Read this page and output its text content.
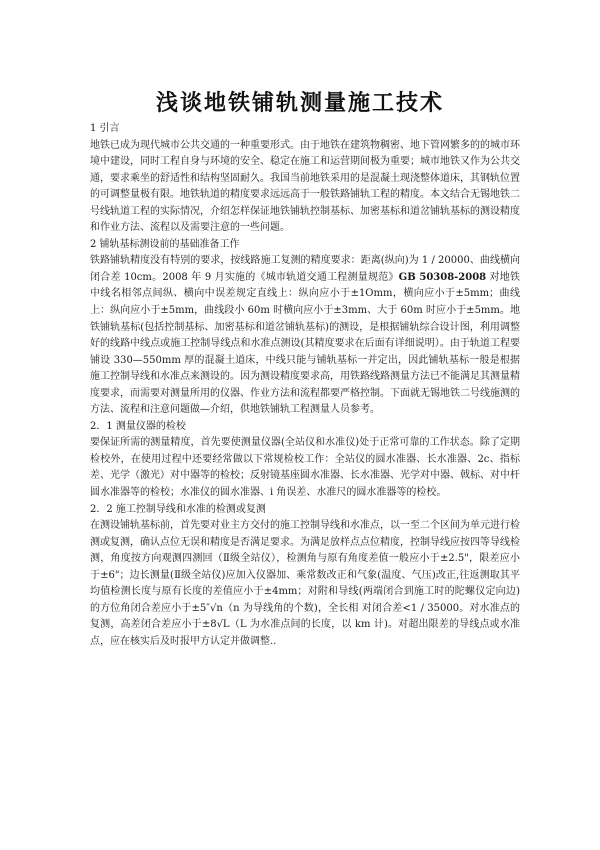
浅谈地铁铺轨测量施工技术

1 引言

地铁已成为现代城市公共交通的一种重要形式。由于地铁在建筑物稠密、地下管网繁多的的城市环境中建设，同时工程自身与环境的安全、稳定在施工和运营期间极为重要；城市地铁又作为公共交通，要求乘坐的舒适性和结构坚固耐久。我国当前地铁采用的是混凝土现浇整体道床，其钢轨位置的可调整量极有限。地铁轨道的精度要求远远高于一般铁路铺轨工程的精度。本文结合无锡地铁二号线轨道工程的实际情况，介绍怎样保证地铁铺轨控制基标、加密基标和道岔铺轨基标的测设精度和作业方法、流程以及需要注意的一些问题。

2 铺轨基标测设前的基础准备工作

铁路铺轨精度没有特别的要求，按线路施工复测的精度要求：距离(纵向)为 1 / 20000、曲线横向闭合差 10cm。2008 年 9 月实施的《城市轨道交通工程测量规范》GB 50308-2008 对地铁中线名相邻点间纵、横向中误差规定直线上：纵向应小于±1Omm，横向应小于±5mm；曲线上：纵向应小于±5mm，曲线段小 60m 时横向应小于±3mm、大于 60m 时应小于±5mm。地铁铺轨基标(包括控制基标、加密基标和道岔铺轨基标)的测设，是根据铺轨综合设计图，利用调整好的线路中线点或施工控制导线点和水准点测设(其精度要求在后面有详细说明）。由于轨道工程要铺设 330—550mm 厚的混凝土道床，中线只能与铺轨基标一并定出，因此铺轨基标一般是根据施工控制导线和水准点来测设的。因为测设精度要求高，用铁路线路测量方法已不能满足其测量精度要求，而需要对测量所用的仪器、作业方法和流程都要严格控制。下面就无锡地铁二号线施测的方法、流程和注意问题做—介绍，供地铁铺轨工程测量人员参考。

2．1 测量仪器的检校

要保证所需的测量精度，首先要使测量仪器(全站仪和水准仪)处于正常可靠的工作状态。除了定期检校外，在使用过程中还要经常做以下常规检校工作：全站仪的圆水准器、长水准器、2c、指标差、光学（激光）对中器等的检校；反射镜基座圆水准器、长水准器、光学对中器、戟标、对中杆圆水准器等的检校；水准仪的圆水准器、i 角误差、水准尺的圆水准器等的检校。

2．2 施工控制导线和水准的检测或复测

在测设铺轨基标前，首先要对业主方交付的施工控制导线和水准点，以一至二个区间为单元进行检测或复测，确认点位无误和精度是否满足要求。为满足放样点点位精度，控制导线应按四等导线检测，角度按方向观测四测回（Ⅱ级全站仪），检测角与原有角度差值一般应小于±2.5"，限差应小于±6"；边长测量(Ⅱ级全站仪)应加入仪器加、乘常数改正和气象(温度、气压)改正,往返测取其平均值检测长度与原有长度的差值应小于±4mm；对附和导线(两端闭合到施工时的陀螺仪定向边)的方位角闭合差应小于±5″√n（n 为导线角的个数)，全长相 对闭合差<1 / 35000。对水准点的复测，高差闭合差应小于±8√L（L 为水准点间的长度，以 km 计)。对超出限差的导线点或水准点，应在核实后及时报甲方认定并做调整..
